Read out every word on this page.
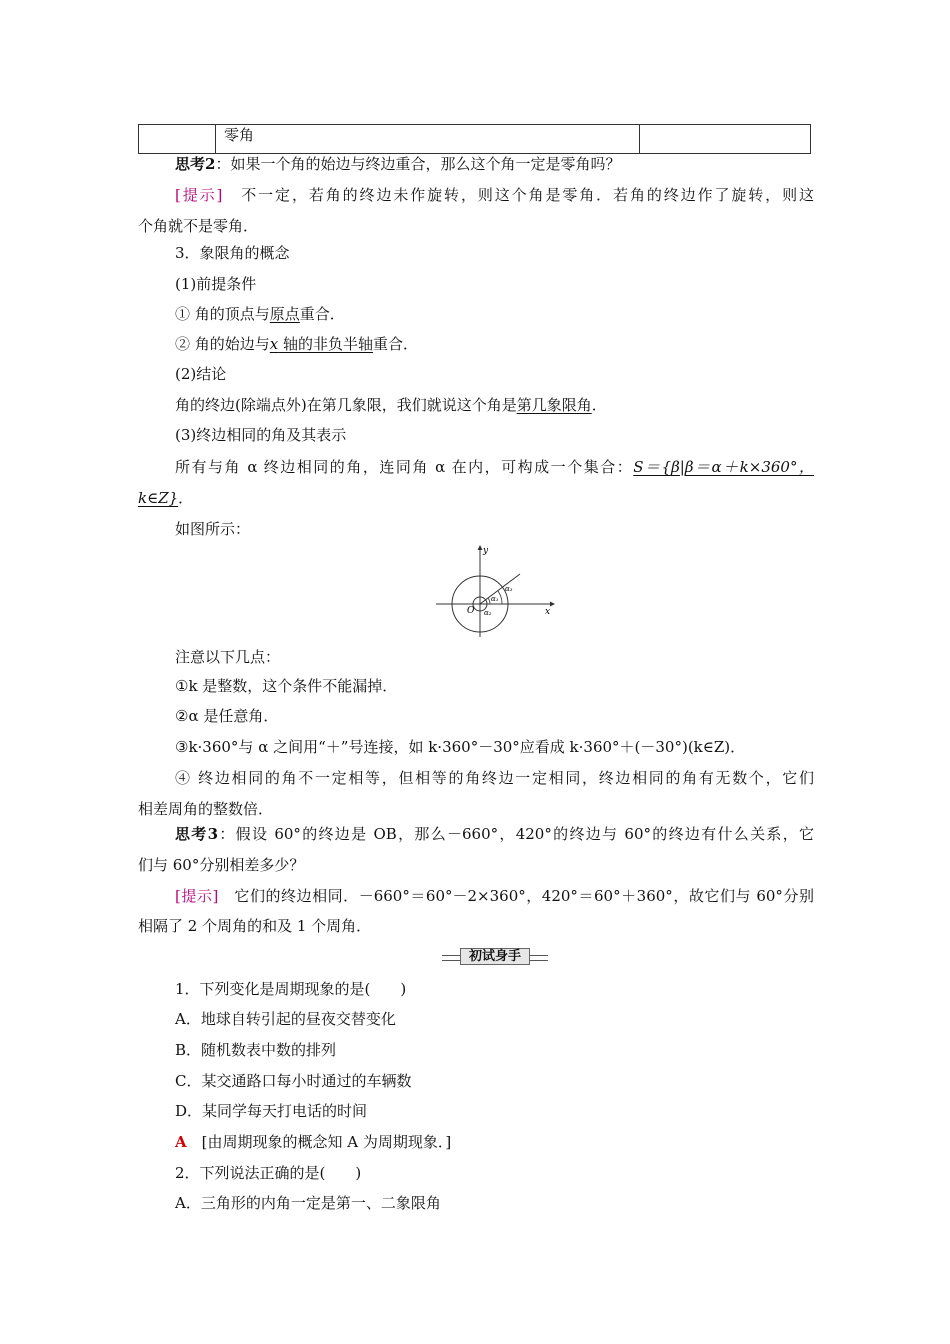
	零角	
思考2：如果一个角的始边与终边重合，那么这个角一定是零角吗？
[提示]　 不一定，若角的终边未作旋转，则这个角是零角．若角的终边作了旋转，则这
个角就不是零角．
3．象限角的概念
(1)前提条件
① 角的顶点与原点重合．
② 角的始边与x 轴的非负半轴重合．
(2)结论
角的终边(除端点外)在第几象限，我们就说这个角是第几象限角．
(3)终边相同的角及其表示
所有与角 α 终边相同的角，连同角 α 在内，可构成一个集合：S＝{β|β＝α＋k×360°，
k∈Z}．
如图所示：
x
y
O
α₁
α₂
α₃
注意以下几点：
①k 是整数，这个条件不能漏掉．
②α 是任意角．
③k·360°与 α 之间用“＋”号连接，如 k·360°－30°应看成 k·360°＋(－30°)(k∈Z)．
④ 终边相同的角不一定相等，但相等的角终边一定相同，终边相同的角有无数个，它们
相差周角的整数倍．
思考3：假设 60°的终边是 OB，那么－660°，420°的终边与 60°的终边有什么关系，它
们与 60°分别相差多少？
[提示]　 它们的终边相同．－660°＝60°－2×360°，420°＝60°＋360°，故它们与 60°分别
相隔了 2 个周角的和及 1 个周角．
初试身手
1．下列变化是周期现象的是(　　)
A．地球自转引起的昼夜交替变化
B．随机数表中数的排列
C．某交通路口每小时通过的车辆数
D．某同学每天打电话的时间
A　 [由周期现象的概念知 A 为周期现象．]
2．下列说法正确的是(　　)
A．三角形的内角一定是第一、二象限角
